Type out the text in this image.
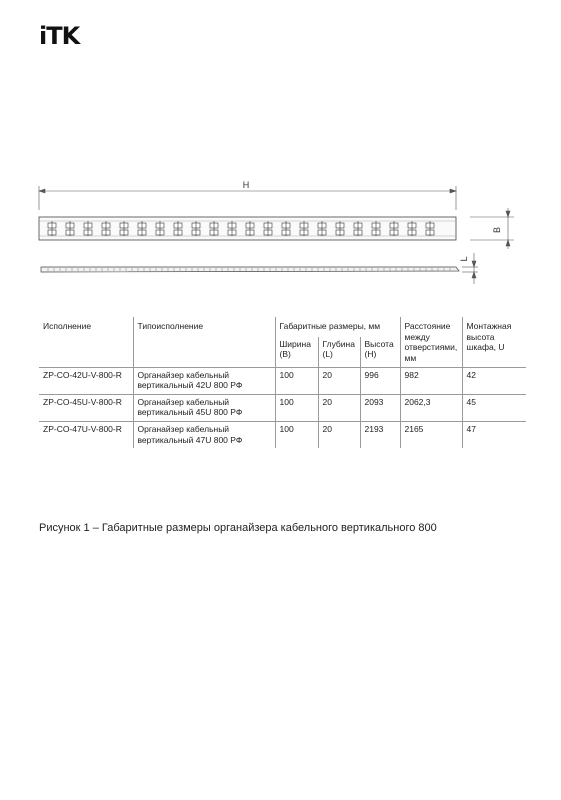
iTK
H
B
L
Исполнение	Типоисполнение	Габаритные размеры, мм			Расстояние между отверстиями, мм	Монтажная высота шкафа, U
		Ширина (B)	Глубина (L)	Высота (H)		
ZP-CO-42U-V-800-R	Органайзер кабельный вертикальный 42U 800 РФ	100	20	996	982	42
ZP-CO-45U-V-800-R	Органайзер кабельный вертикальный 45U 800 РФ	100	20	2093	2062,3	45
ZP-CO-47U-V-800-R	Органайзер кабельный вертикальный 47U 800 РФ	100	20	2193	2165	47
Рисунок 1 – Габаритные размеры органайзера кабельного вертикального 800
